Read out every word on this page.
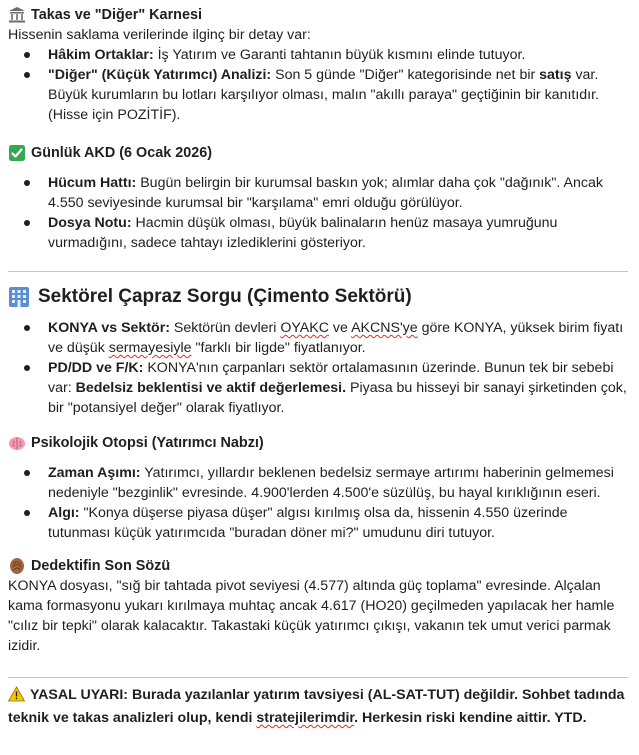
Takas ve "Diğer" Karnesi

Hissenin saklama verilerinde ilginç bir detay var:

Hâkim Ortaklar: İş Yatırım ve Garanti tahtanın büyük kısmını elinde tutuyor.
"Diğer" (Küçük Yatırımcı) Analizi: Son 5 günde "Diğer" kategorisinde net bir satış var. Büyük kurumların bu lotları karşılıyor olması, malın "akıllı paraya" geçtiğinin bir kanıtıdır. (Hisse için POZİTİF).
Günlük AKD (6 Ocak 2026)
Hücum Hattı: Bugün belirgin bir kurumsal baskın yok; alımlar daha çok "dağınık". Ancak 4.550 seviyesinde kurumsal bir "karşılama" emri olduğu görülüyor.
Dosya Notu: Hacmin düşük olması, büyük balinaların henüz masaya yumruğunu vurmadığını, sadece tahtayı izlediklerini gösteriyor.
Sektörel Çapraz Sorgu (Çimento Sektörü)
KONYA vs Sektör: Sektörün devleri OYAKC ve AKCNS'ye göre KONYA, yüksek birim fiyatı ve düşük sermayesiyle "farklı bir ligde" fiyatlanıyor.
PD/DD ve F/K: KONYA'nın çarpanları sektör ortalamasının üzerinde. Bunun tek bir sebebi var: Bedelsiz beklentisi ve aktif değerlemesi. Piyasa bu hisseyi bir sanayi şirketinden çok, bir "potansiyel değer" olarak fiyatlıyor.
Psikolojik Otopsi (Yatırımcı Nabzı)
Zaman Aşımı: Yatırımcı, yıllardır beklenen bedelsiz sermaye artırımı haberinin gelmemesi nedeniyle "bezginlik" evresinde. 4.900'lerden 4.500'e süzülüş, bu hayal kırıklığının eseri.
Algı: "Konya düşerse piyasa düşer" algısı kırılmış olsa da, hissenin 4.550 üzerinde tutunması küçük yatırımcıda "buradan döner mi?" umudunu diri tutuyor.
Dedektifin Son Sözü

KONYA dosyası, "sığ bir tahtada pivot seviyesi (4.577) altında güç toplama" evresinde. Alçalan kama formasyonu yukarı kırılmaya muhtaç ancak 4.617 (HO20) geçilmeden yapılacak her hamle "cılız bir tepki" olarak kalacaktır. Takastaki küçük yatırımcı çıkışı, vakanın tek umut verici parmak izidir.

YASAL UYARI: Burada yazılanlar yatırım tavsiyesi (AL-SAT-TUT) değildir. Sohbet tadında teknik ve takas analizleri olup, kendi stratejilerimdir. Herkesin riski kendine aittir. YTD.
